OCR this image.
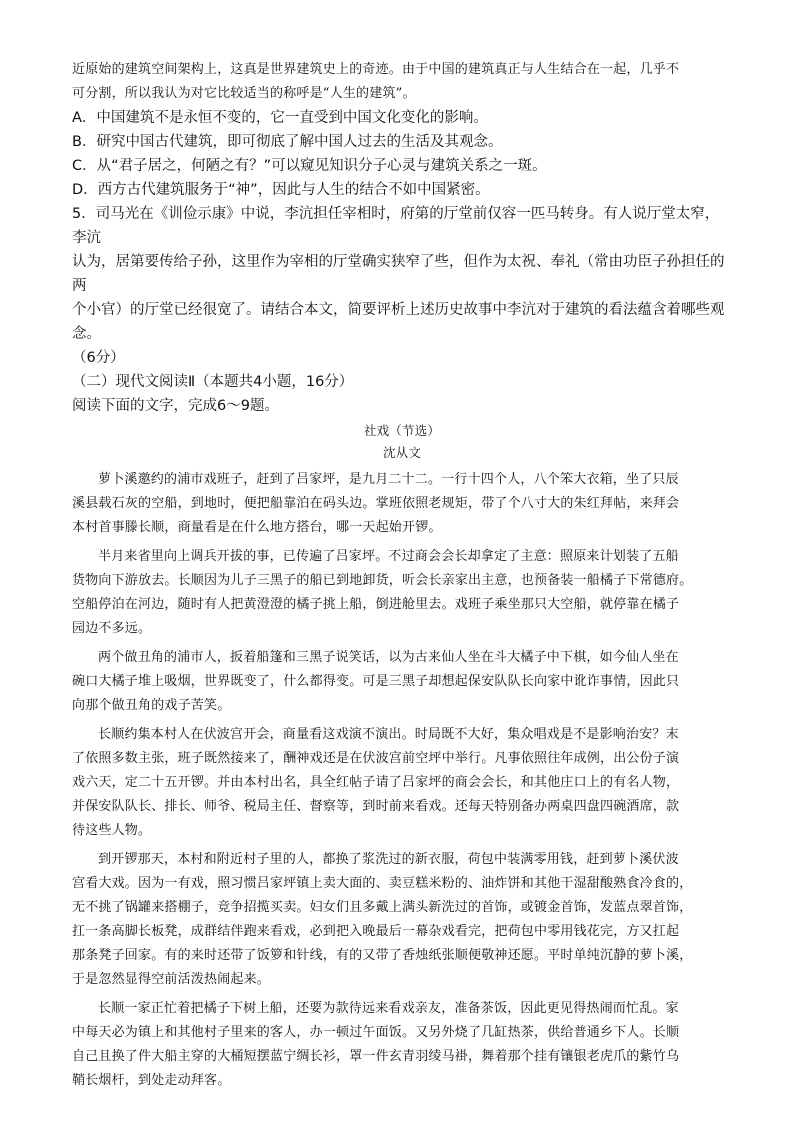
近原始的建筑空间架构上，这真是世界建筑史上的奇迹。由于中国的建筑真正与人生结合在一起，几乎不

可分割，所以我认为对它比较适当的称呼是“人生的建筑”。

A．中国建筑不是永恒不变的，它一直受到中国文化变化的影响。

B．研究中国古代建筑，即可彻底了解中国人过去的生活及其观念。

C．从“君子居之，何陋之有？”可以窥见知识分子心灵与建筑关系之一斑。

D．西方古代建筑服务于“神”，因此与人生的结合不如中国紧密。

5．司马光在《训俭示康》中说，李沆担任宰相时，府第的厅堂前仅容一匹马转身。有人说厅堂太窄，李沆

认为，居第要传给子孙，这里作为宰相的厅堂确实狭窄了些，但作为太祝、奉礼（常由功臣子孙担任的两

个小官）的厅堂已经很宽了。请结合本文，简要评析上述历史故事中李沆对于建筑的看法蕴含着哪些观念。

（6分）

（二）现代文阅读Ⅱ（本题共4小题，16分）

阅读下面的文字，完成6～9题。

社戏（节选）

沈从文

萝卜溪邀约的浦市戏班子，赶到了吕家坪，是九月二十二。一行十四个人，八个笨大衣箱，坐了只辰
溪县载石灰的空船，到地时，便把船靠泊在码头边。掌班依照老规矩，带了个八寸大的朱红拜帖，来拜会
本村首事滕长顺，商量看是在什么地方搭台，哪一天起始开锣。

半月来省里向上调兵开拔的事，已传遍了吕家坪。不过商会会长却拿定了主意：照原来计划装了五船
货物向下游放去。长顺因为儿子三黑子的船已到地卸货，听会长亲家出主意，也预备装一船橘子下常德府。
空船停泊在河边，随时有人把黄澄澄的橘子挑上船，倒进舱里去。戏班子乘坐那只大空船，就停靠在橘子
园边不多远。

两个做丑角的浦市人，扳着船篷和三黑子说笑话，以为古来仙人坐在斗大橘子中下棋，如今仙人坐在
碗口大橘子堆上吸烟，世界既变了，什么都得变。可是三黑子却想起保安队队长向家中讹诈事情，因此只
向那个做丑角的戏子苦笑。

长顺约集本村人在伏波宫开会，商量看这戏演不演出。时局既不大好，集众唱戏是不是影响治安？末
了依照多数主张，班子既然接来了，酬神戏还是在伏波宫前空坪中举行。凡事依照往年成例，出公份子演
戏六天，定二十五开锣。并由本村出名，具全红帖子请了吕家坪的商会会长，和其他庄口上的有名人物，
并保安队队长、排长、师爷、税局主任、督察等，到时前来看戏。还每天特别备办两桌四盘四碗酒席，款
待这些人物。

到开锣那天，本村和附近村子里的人，都换了浆洗过的新衣服，荷包中装满零用钱，赶到萝卜溪伏波
宫看大戏。因为一有戏，照习惯吕家坪镇上卖大面的、卖豆糕米粉的、油炸饼和其他干湿甜酸熟食冷食的，
无不挑了锅罐来搭棚子，竞争招揽买卖。妇女们且多戴上满头新洗过的首饰，或镀金首饰，发蓝点翠首饰，
扛一条高脚长板凳，成群结伴跑来看戏，必到把入晚最后一幕杂戏看完，把荷包中零用钱花完，方又扛起
那条凳子回家。有的来时还带了饭箩和针线，有的又带了香烛纸张顺便敬神还愿。平时单纯沉静的萝卜溪，
于是忽然显得空前活泼热闹起来。

长顺一家正忙着把橘子下树上船，还要为款待远来看戏亲友，准备茶饭，因此更见得热闹而忙乱。家
中每天必为镇上和其他村子里来的客人，办一顿过午面饭。又另外烧了几缸热茶，供给普通乡下人。长顺
自己且换了件大船主穿的大桶短摆蓝宁绸长衫，罩一件玄青羽绫马褂，舞着那个挂有镶银老虎爪的紫竹乌
鞘长烟杆，到处走动拜客。
